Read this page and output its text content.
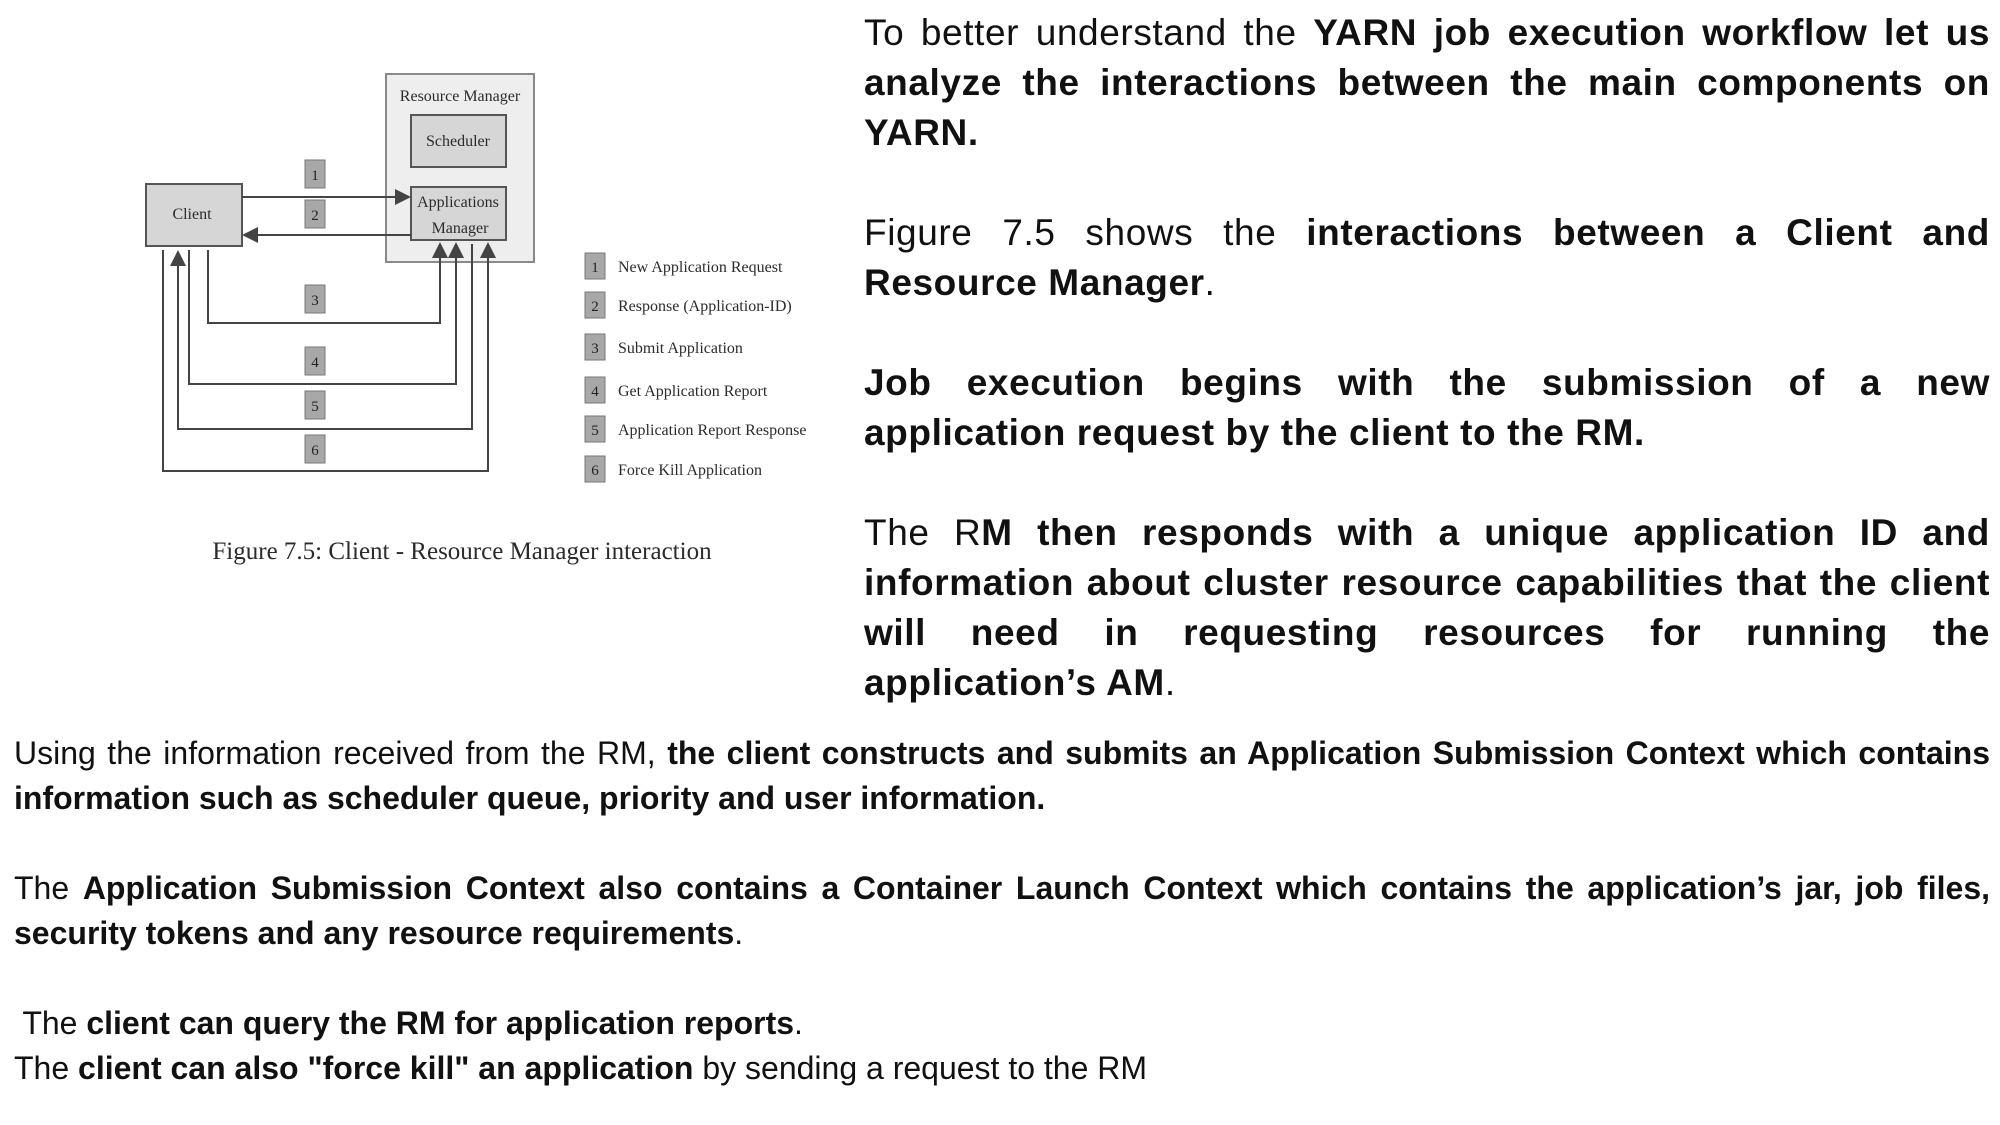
Resource Manager
Scheduler
Applications
Manager
Client
1
2
3
4
5
6
1 New Application Request
2 Response (Application-ID)
3 Submit Application
4 Get Application Report
5 Application Report Response
6 Force Kill Application
Figure 7.5: Client - Resource Manager interaction

To better understand the YARN job execution workflow let us analyze the interactions between the main components on YARN.

Figure 7.5 shows the interactions between a Client and Resource Manager.

Job execution begins with the submission of a new application request by the client to the RM.

The RM then responds with a unique application ID and information about cluster resource capabilities that the client will need in requesting resources for running the application’s AM.

Using the information received from the RM, the client constructs and submits an Application Submission Context which contains information such as scheduler queue, priority and user information.

The Application Submission Context also contains a Container Launch Context which contains the application’s jar, job files, security tokens and any resource requirements.

The client can query the RM for application reports.

The client can also "force kill" an application by sending a request to the RM
